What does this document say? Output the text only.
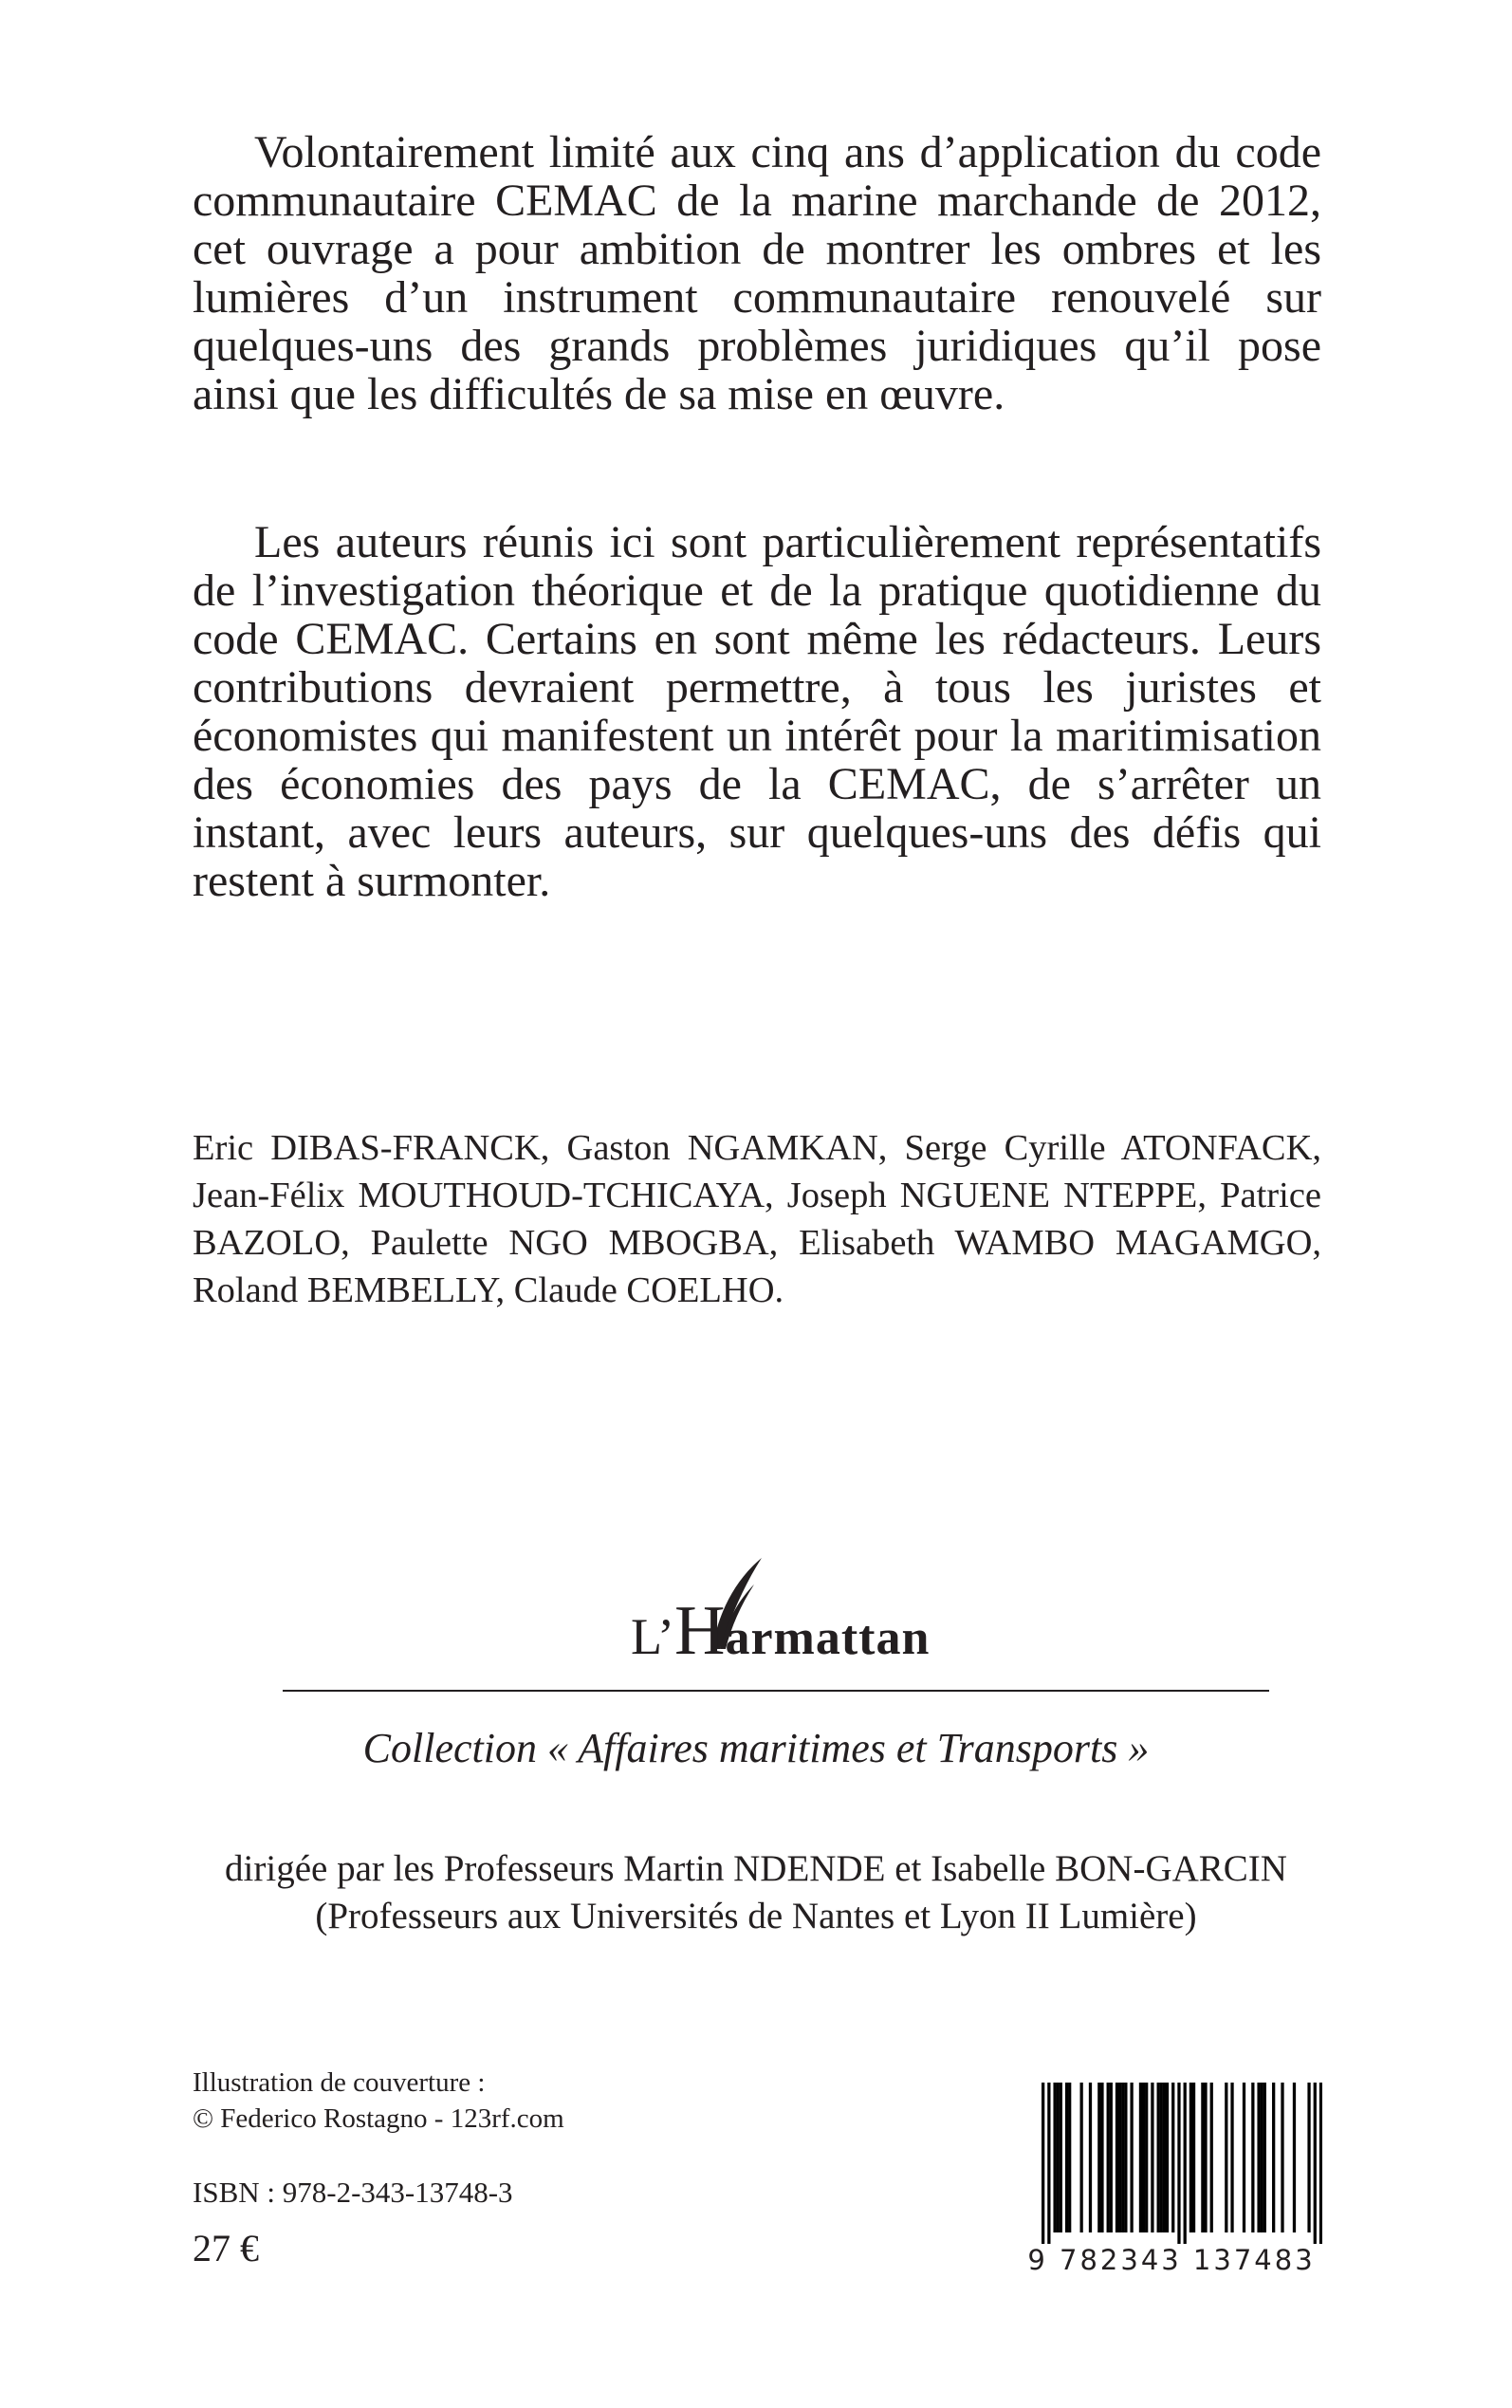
Volontairement limité aux cinq ans d’application du code communautaire CEMAC de la marine marchande de 2012, cet ouvrage a pour ambition de montrer les ombres et les lumières d’un instrument communautaire renouvelé sur quelques-uns des grands problèmes juridiques qu’il pose ainsi que les difficultés de sa mise en œuvre.

Les auteurs réunis ici sont particulièrement représentatifs de l’investigation théorique et de la pratique quotidienne du code CEMAC. Certains en sont même les rédacteurs. Leurs contributions devraient permettre, à tous les juristes et économistes qui manifestent un intérêt pour la maritimisation des économies des pays de la CEMAC, de s’arrêter un instant, avec leurs auteurs, sur quelques-uns des défis qui restent à surmonter.

Eric DIBAS-FRANCK, Gaston NGAMKAN, Serge Cyrille ATONFACK, Jean-Félix MOUTHOUD-TCHICAYA, Joseph NGUENE NTEPPE, Patrice BAZOLO, Paulette NGO MBOGBA, Elisabeth WAMBO MAGAMGO, Roland BEMBELLY, Claude COELHO.

L’Harmattan
Collection « Affaires maritimes et Transports »
dirigée par les Professeurs Martin NDENDE et Isabelle BON-GARCIN
(Professeurs aux Universités de Nantes et Lyon II Lumière)
Illustration de couverture :
© Federico Rostagno - 123rf.com
ISBN : 978-2-343-13748-3
27 €	9 782343 137483
